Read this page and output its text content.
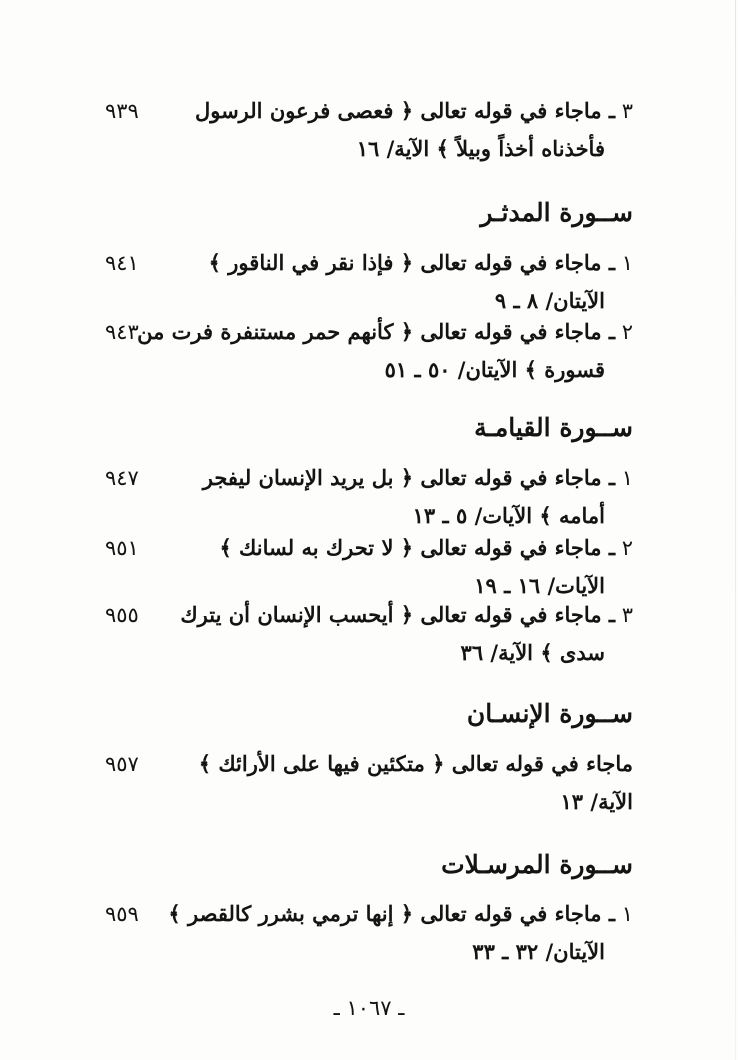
٣ ـ ماجاء في قوله تعالى ﴿ فعصى فرعون الرسول
٩٣٩
فأخذناه أخذاً وبيلاً ﴾ الآية/ ١٦
ســورة المدثـر
١ ـ ماجاء في قوله تعالى ﴿ فإذا نقر في الناقور ﴾
٩٤١
الآيتان/ ٨ ـ ٩
٢ ـ ماجاء في قوله تعالى ﴿ كأنهم حمر مستنفرة فرت من
٩٤٣
قسورة ﴾ الآيتان/ ٥٠ ـ ٥١
ســورة القيامـة
١ ـ ماجاء في قوله تعالى ﴿ بل يريد الإنسان ليفجر
٩٤٧
أمامه ﴾ الآيات/ ٥ ـ ١٣
٢ ـ ماجاء في قوله تعالى ﴿ لا تحرك به لسانك ﴾
٩٥١
الآيات/ ١٦ ـ ١٩
٣ ـ ماجاء في قوله تعالى ﴿ أيحسب الإنسان أن يترك
٩٥٥
سدى ﴾ الآية/ ٣٦
ســورة الإنسـان
ماجاء في قوله تعالى ﴿ متكئين فيها على الأرائك ﴾
٩٥٧
الآية/ ١٣
ســورة المرسـلات
١ ـ ماجاء في قوله تعالى ﴿ إنها ترمي بشرر كالقصر ﴾
٩٥٩
الآيتان/ ٣٢ ـ ٣٣
ـ ١٠٦٧ ـ
